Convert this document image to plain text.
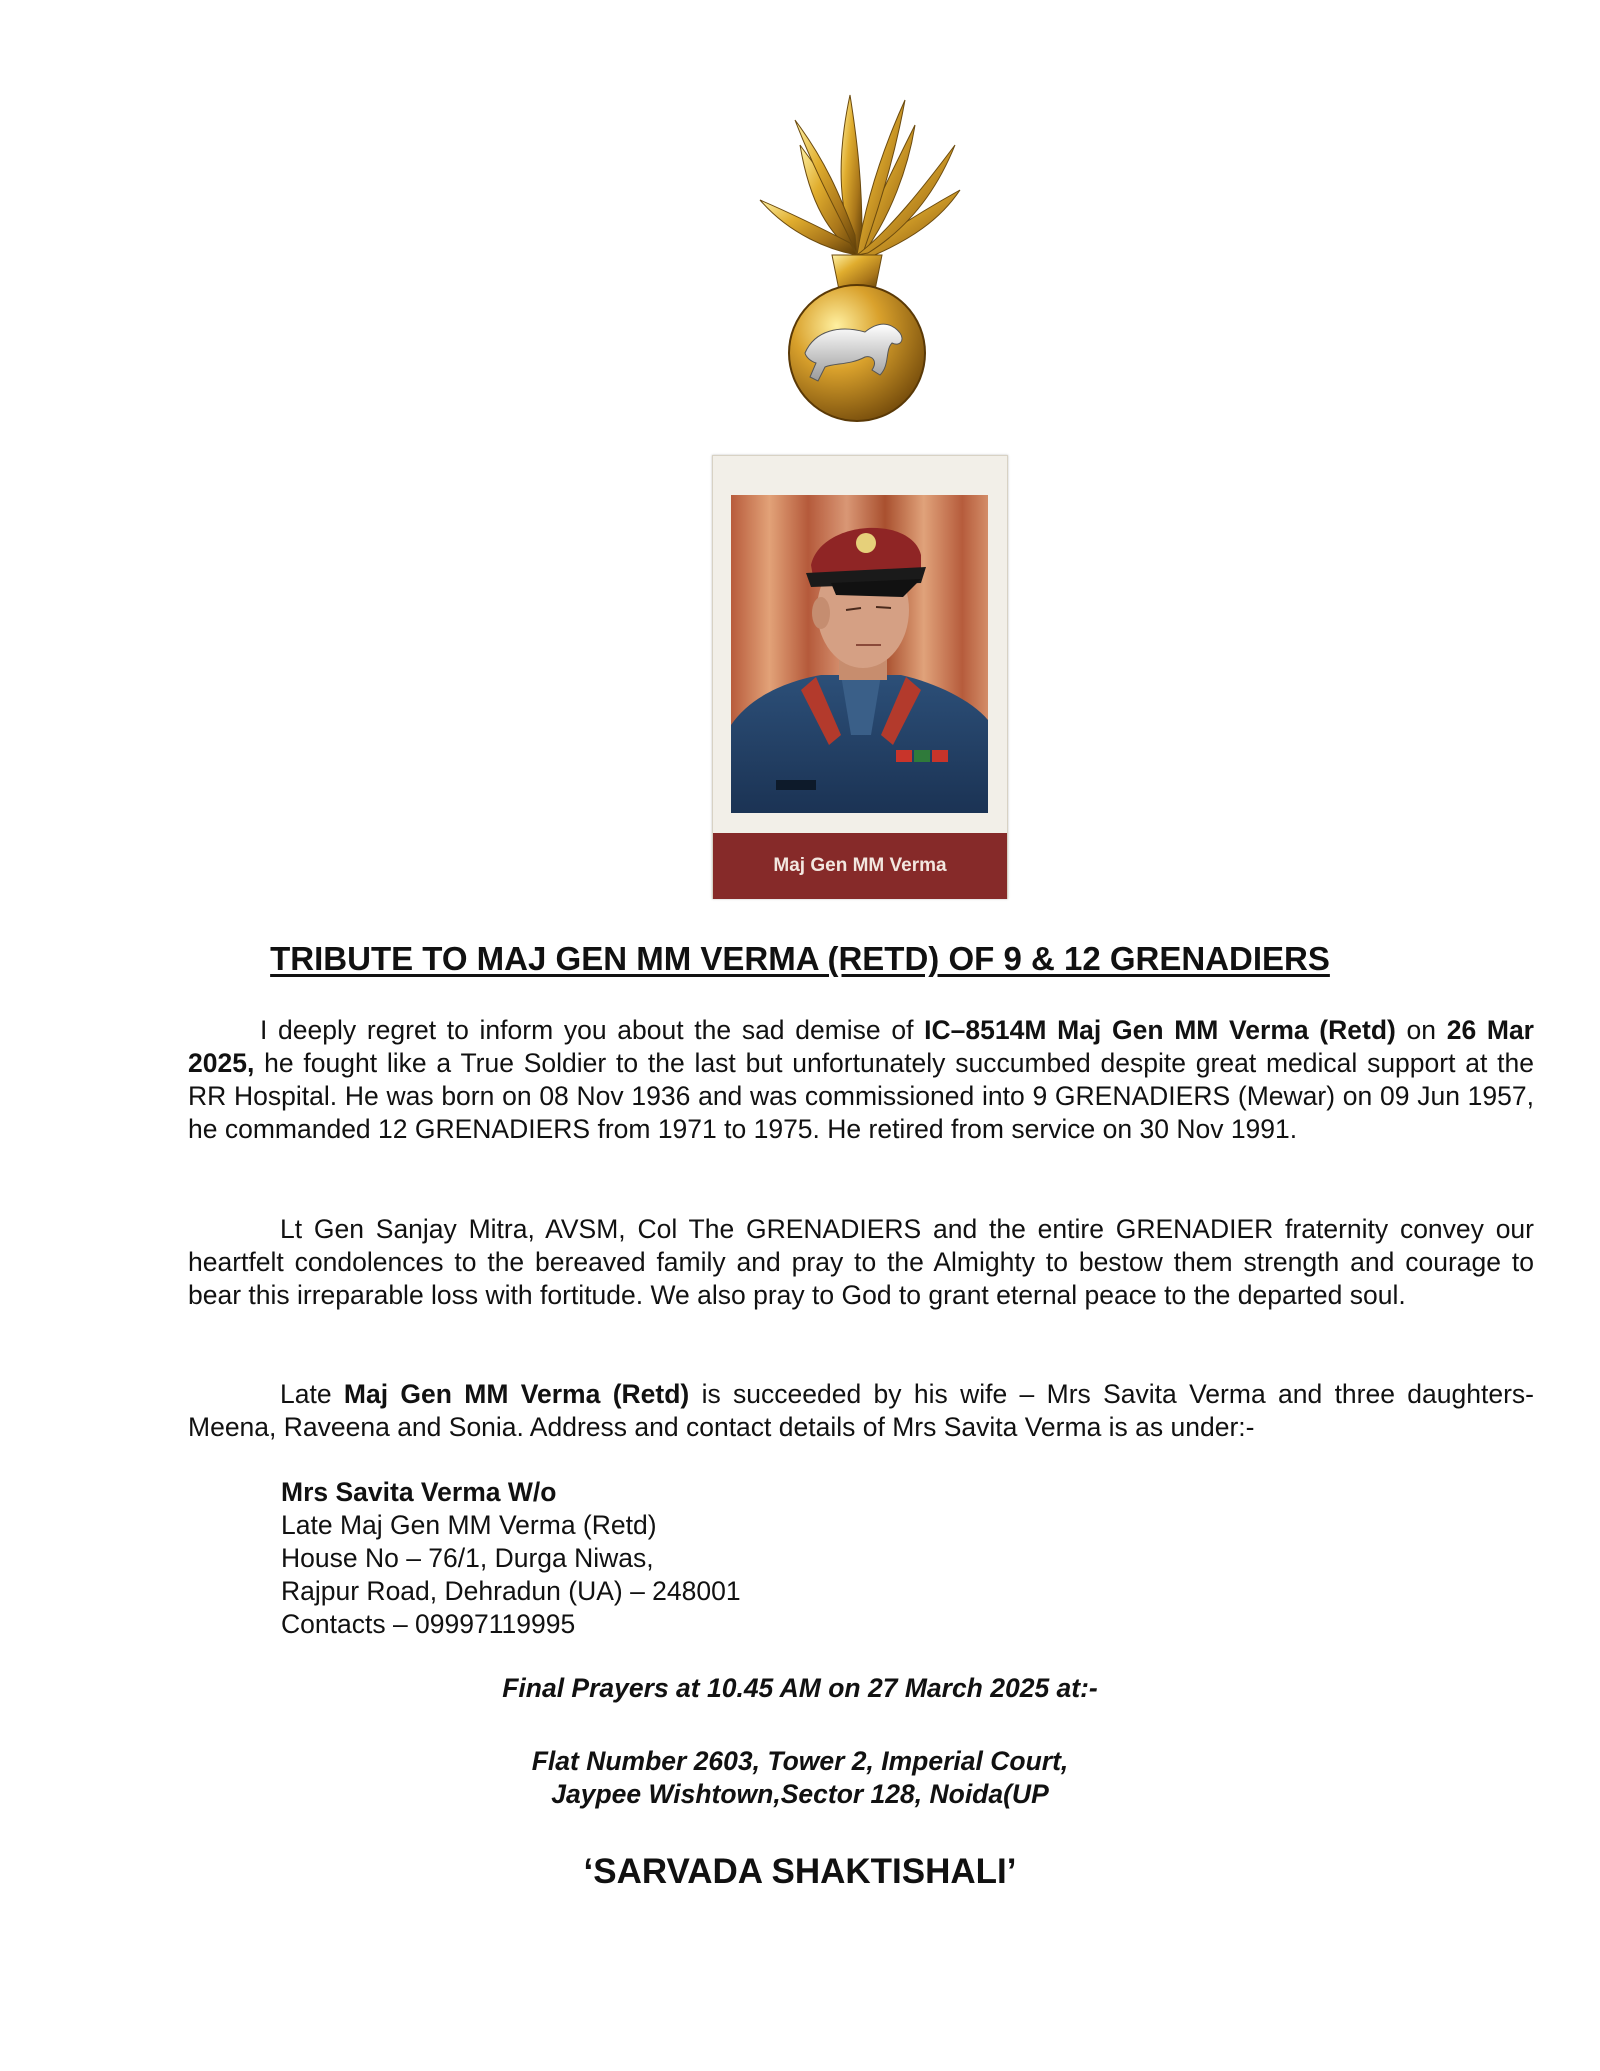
Maj Gen MM Verma
TRIBUTE TO MAJ GEN MM VERMA (RETD) OF 9 & 12 GRENADIERS

I deeply regret to inform you about the sad demise of IC–8514M Maj Gen MM Verma (Retd) on 26 Mar 2025, he fought like a True Soldier to the last but unfortunately succumbed despite great medical support at the RR Hospital. He was born on 08 Nov 1936 and was commissioned into 9 GRENADIERS (Mewar) on 09 Jun 1957, he commanded 12 GRENADIERS from 1971 to 1975. He retired from service on 30 Nov 1991.

Lt Gen Sanjay Mitra, AVSM, Col The GRENADIERS and the entire GRENADIER fraternity convey our heartfelt condolences to the bereaved family and pray to the Almighty to bestow them strength and courage to bear this irreparable loss with fortitude. We also pray to God to grant eternal peace to the departed soul.

Late Maj Gen MM Verma (Retd) is succeeded by his wife – Mrs Savita Verma and three daughters- Meena, Raveena and Sonia. Address and contact details of Mrs Savita Verma is as under:-

Mrs Savita Verma W/o
Late Maj Gen MM Verma (Retd)
House No – 76/1, Durga Niwas,
Rajpur Road, Dehradun (UA) – 248001
Contacts – 09997119995
Final Prayers at 10.45 AM on 27 March 2025 at:-
Flat Number 2603, Tower 2, Imperial Court,
Jaypee Wishtown,Sector 128, Noida(UP
‘SARVADA SHAKTISHALI’
